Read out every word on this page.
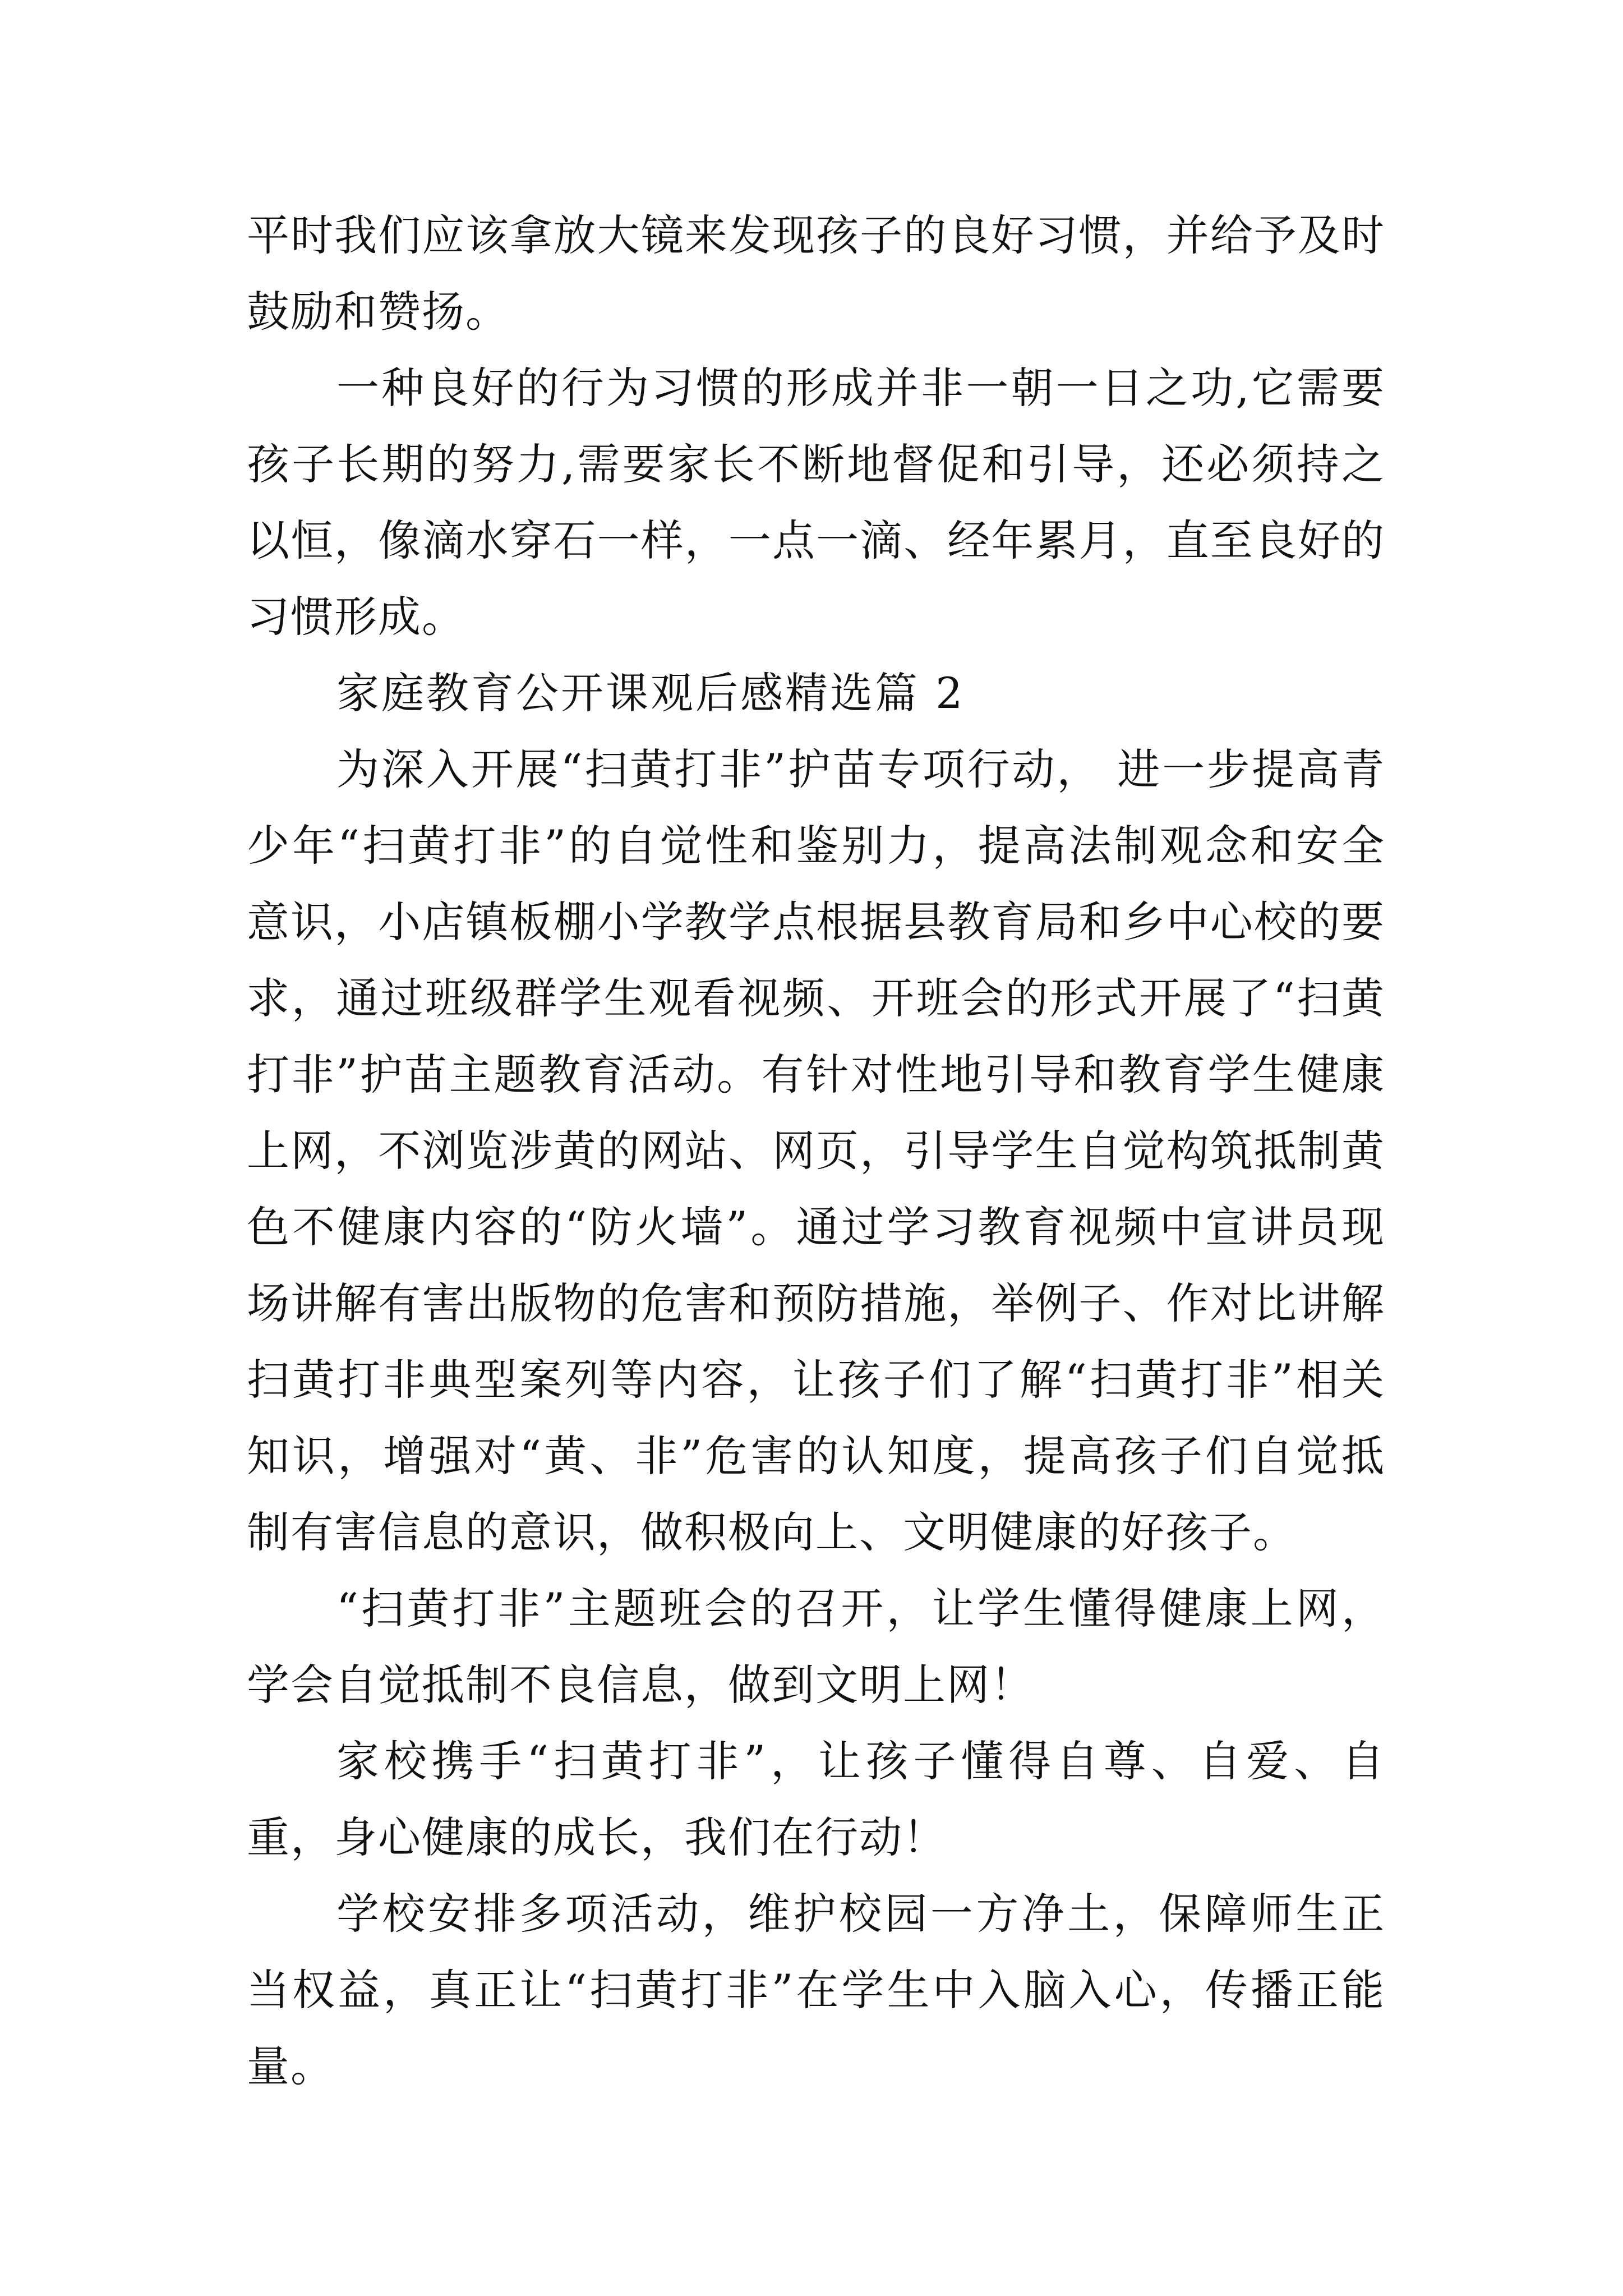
平时我们应该拿放大镜来发现孩子的良好习惯，并给予及时鼓励和赞扬。

一种良好的行为习惯的形成并非一朝一日之功,它需要孩子长期的努力,需要家长不断地督促和引导，还必须持之以恒，像滴水穿石一样，一点一滴、经年累月，直至良好的习惯形成。

家庭教育公开课观后感精选篇 2

为深入开展“扫黄打非”护苗专项行动， 进一步提高青少年“扫黄打非”的自觉性和鉴别力，提高法制观念和安全意识，小店镇板棚小学教学点根据县教育局和乡中心校的要求，通过班级群学生观看视频、开班会的形式开展了“扫黄打非”护苗主题教育活动。有针对性地引导和教育学生健康上网，不浏览涉黄的网站、网页，引导学生自觉构筑抵制黄色不健康内容的“防火墙”。通过学习教育视频中宣讲员现场讲解有害出版物的危害和预防措施，举例子、作对比讲解扫黄打非典型案列等内容，让孩子们了解“扫黄打非”相关知识，增强对“黄、非”危害的认知度，提高孩子们自觉抵制有害信息的意识，做积极向上、文明健康的好孩子。

“扫黄打非”主题班会的召开，让学生懂得健康上网，学会自觉抵制不良信息，做到文明上网！

家校携手“扫黄打非”，让孩子懂得自尊、自爱、自重，身心健康的成长，我们在行动！

学校安排多项活动，维护校园一方净土，保障师生正当权益，真正让“扫黄打非”在学生中入脑入心，传播正能量。
